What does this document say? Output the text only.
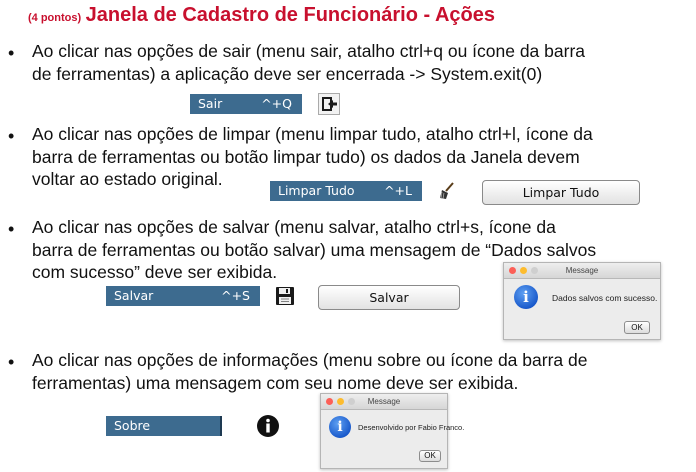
(4 pontos) Janela de Cadastro de Funcionário - Ações
• Ao clicar nas opções de sair (menu sair, atalho ctrl+q ou ícone da barra
de ferramentas) a aplicação deve ser encerrada -> System.exit(0)
Sair	^+Q
• Ao clicar nas opções de limpar (menu limpar tudo, atalho ctrl+l, ícone da
barra de ferramentas ou botão limpar tudo) os dados da Janela devem
voltar ao estado original.
Limpar Tudo ^+L	Limpar Tudo
• Ao clicar nas opções de salvar (menu salvar, atalho ctrl+s, ícone da
barra de ferramentas ou botão salvar) uma mensagem de “Dados salvos
com sucesso” deve ser exibida.
Salvar	^+S	Salvar
Message
i	Dados salvos com sucesso.
OK
• Ao clicar nas opções de informações (menu sobre ou ícone da barra de
ferramentas) uma mensagem com seu nome deve ser exibida.
Sobre
Message
i	Desenvolvido por Fabio Franco.
OK
